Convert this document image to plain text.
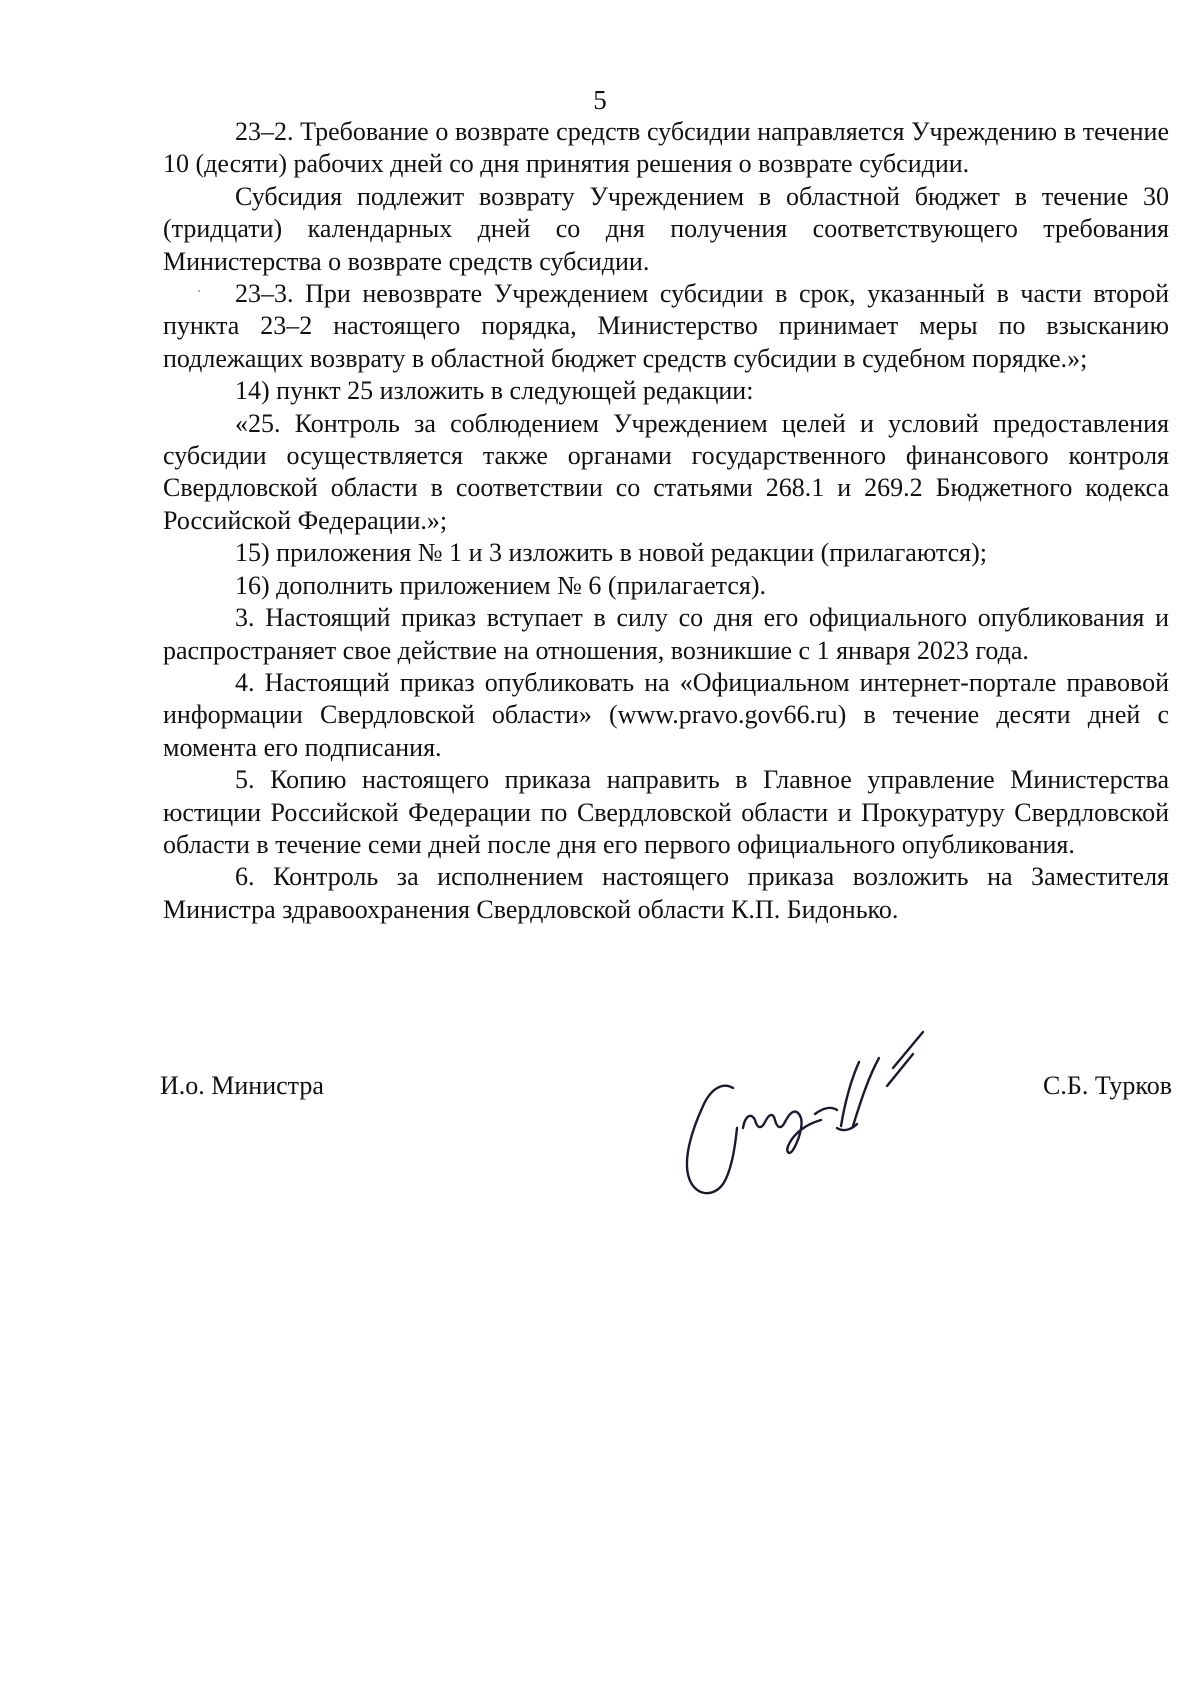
5

23–2. Требование о возврате средств субсидии направляется Учреждению в течение 10 (десяти) рабочих дней со дня принятия решения о возврате субсидии.

Субсидия подлежит возврату Учреждением в областной бюджет в течение 30 (тридцати) календарных дней со дня получения соответствующего требования Министерства о возврате средств субсидии.

23–3. При невозврате Учреждением субсидии в срок, указанный в части второй пункта 23–2 настоящего порядка, Министерство принимает меры по взысканию подлежащих возврату в областной бюджет средств субсидии в судебном порядке.»;

14) пункт 25 изложить в следующей редакции:

«25. Контроль за соблюдением Учреждением целей и условий предоставления субсидии осуществляется также органами государственного финансового контроля Свердловской области в соответствии со статьями 268.1 и 269.2 Бюджетного кодекса Российской Федерации.»;

15) приложения № 1 и 3 изложить в новой редакции (прилагаются);

16) дополнить приложением № 6 (прилагается).

3. Настоящий приказ вступает в силу со дня его официального опубликования и распространяет свое действие на отношения, возникшие с 1 января 2023 года.

4. Настоящий приказ опубликовать на «Официальном интернет-портале правовой информации Свердловской области» (www.pravo.gov66.ru) в течение десяти дней с момента его подписания.

5. Копию настоящего приказа направить в Главное управление Министерства юстиции Российской Федерации по Свердловской области и Прокуратуру Свердловской области в течение семи дней после дня его первого официального опубликования.

6. Контроль за исполнением настоящего приказа возложить на Заместителя Министра здравоохранения Свердловской области К.П. Бидонько.

И.о. Министра	С.Б. Турков
